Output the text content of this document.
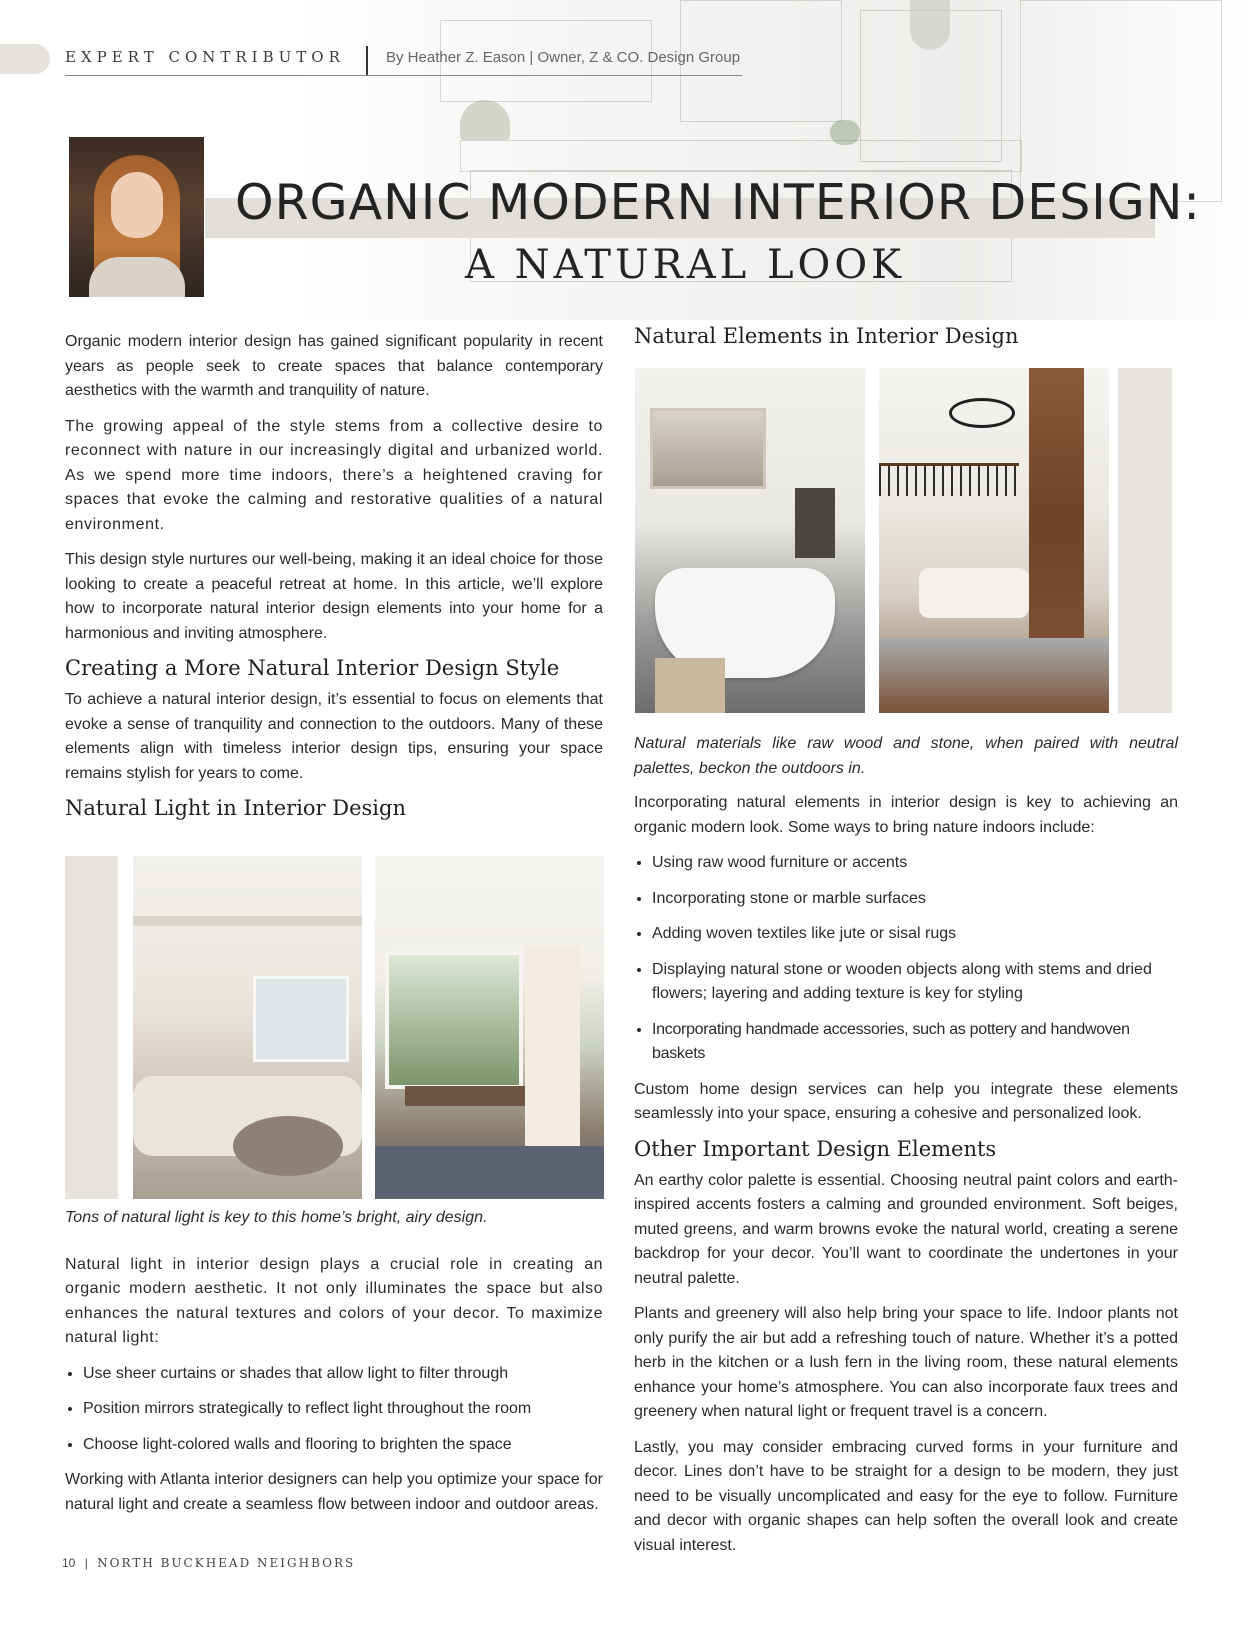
EXPERT CONTRIBUTOR	By Heather Z. Eason | Owner, Z & CO. Design Group
ORGANIC MODERN INTERIOR DESIGN:
A NATURAL LOOK

Organic modern interior design has gained significant popularity in recent years as people seek to create spaces that balance contemporary aesthetics with the warmth and tranquility of nature.

The growing appeal of the style stems from a collective desire to reconnect with nature in our increasingly digital and urbanized world. As we spend more time indoors, there’s a heightened craving for spaces that evoke the calming and restorative qualities of a natural environment.

This design style nurtures our well-being, making it an ideal choice for those looking to create a peaceful retreat at home. In this article, we’ll explore how to incorporate natural interior design elements into your home for a harmonious and inviting atmosphere.

Creating a More Natural Interior Design Style

To achieve a natural interior design, it’s essential to focus on elements that evoke a sense of tranquility and connection to the outdoors. Many of these elements align with timeless interior design tips, ensuring your space remains stylish for years to come.

Natural Light in Interior Design
Tons of natural light is key to this home’s bright, airy design.

Natural light in interior design plays a crucial role in creating an organic modern aesthetic. It not only illuminates the space but also enhances the natural textures and colors of your decor. To maximize natural light:

• Use sheer curtains or shades that allow light to filter through
• Position mirrors strategically to reflect light throughout the room
• Choose light-colored walls and flooring to brighten the space

Working with Atlanta interior designers can help you optimize your space for natural light and create a seamless flow between indoor and outdoor areas.

Natural Elements in Interior Design
Natural materials like raw wood and stone, when paired with neutral palettes, beckon the outdoors in.

Incorporating natural elements in interior design is key to achieving an organic modern look. Some ways to bring nature indoors include:

• Using raw wood furniture or accents
• Incorporating stone or marble surfaces
• Adding woven textiles like jute or sisal rugs
• Displaying natural stone or wooden objects along with stems and dried flowers; layering and adding texture is key for styling
• Incorporating handmade accessories, such as pottery and handwoven baskets

Custom home design services can help you integrate these elements seamlessly into your space, ensuring a cohesive and personalized look.

Other Important Design Elements

An earthy color palette is essential. Choosing neutral paint colors and earth-inspired accents fosters a calming and grounded environment. Soft beiges, muted greens, and warm browns evoke the natural world, creating a serene backdrop for your decor. You’ll want to coordinate the undertones in your neutral palette.

Plants and greenery will also help bring your space to life. Indoor plants not only purify the air but add a refreshing touch of nature. Whether it’s a potted herb in the kitchen or a lush fern in the living room, these natural elements enhance your home’s atmosphere. You can also incorporate faux trees and greenery when natural light or frequent travel is a concern.

Lastly, you may consider embracing curved forms in your furniture and decor. Lines don’t have to be straight for a design to be modern, they just need to be visually uncomplicated and easy for the eye to follow. Furniture and decor with organic shapes can help soften the overall look and create visual interest.

10 | NORTH BUCKHEAD NEIGHBORS
